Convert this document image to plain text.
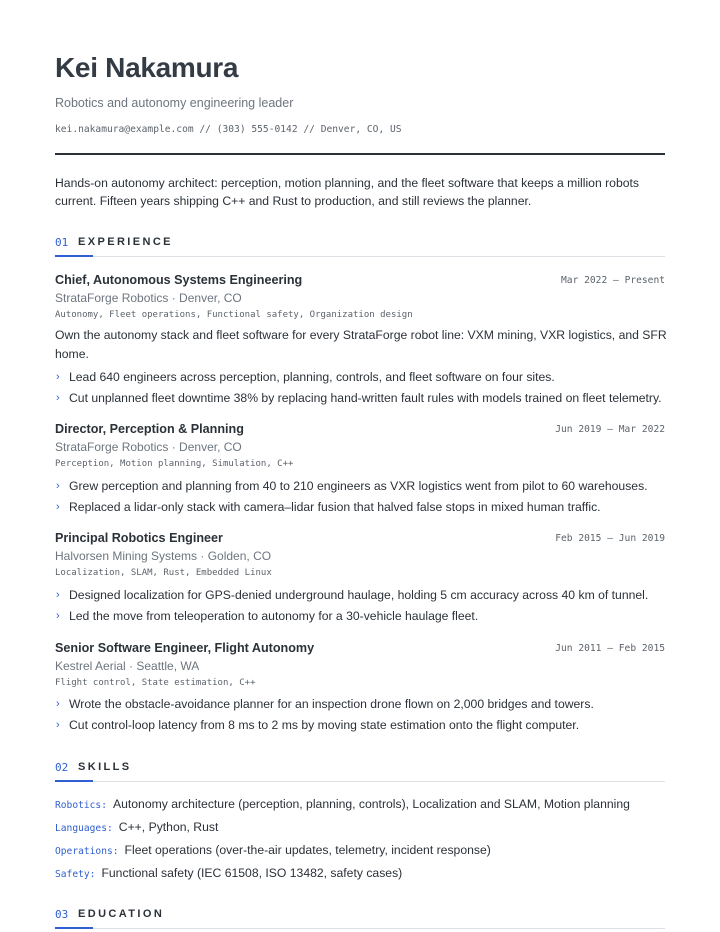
Kei Nakamura
Robotics and autonomy engineering leader
kei.nakamura@example.com // (303) 555-0142 // Denver, CO, US
Hands-on autonomy architect: perception, motion planning, and the fleet software that keeps a million robots current. Fifteen years shipping C++ and Rust to production, and still reviews the planner.
01 EXPERIENCE
Chief, Autonomous Systems Engineering	Mar 2022 — Present
StrataForge Robotics · Denver, CO
Autonomy, Fleet operations, Functional safety, Organization design
Own the autonomy stack and fleet software for every StrataForge robot line: VXM mining, VXR logistics, and SFR home.
› Lead 640 engineers across perception, planning, controls, and fleet software on four sites.
› Cut unplanned fleet downtime 38% by replacing hand-written fault rules with models trained on fleet telemetry.
Director, Perception & Planning	Jun 2019 — Mar 2022
StrataForge Robotics · Denver, CO
Perception, Motion planning, Simulation, C++
› Grew perception and planning from 40 to 210 engineers as VXR logistics went from pilot to 60 warehouses.
› Replaced a lidar-only stack with camera–lidar fusion that halved false stops in mixed human traffic.
Principal Robotics Engineer	Feb 2015 — Jun 2019
Halvorsen Mining Systems · Golden, CO
Localization, SLAM, Rust, Embedded Linux
› Designed localization for GPS-denied underground haulage, holding 5 cm accuracy across 40 km of tunnel.
› Led the move from teleoperation to autonomy for a 30-vehicle haulage fleet.
Senior Software Engineer, Flight Autonomy	Jun 2011 — Feb 2015
Kestrel Aerial · Seattle, WA
Flight control, State estimation, C++
› Wrote the obstacle-avoidance planner for an inspection drone flown on 2,000 bridges and towers.
› Cut control-loop latency from 8 ms to 2 ms by moving state estimation onto the flight computer.
02 SKILLS
Robotics: Autonomy architecture (perception, planning, controls), Localization and SLAM, Motion planning
Languages: C++, Python, Rust
Operations: Fleet operations (over-the-air updates, telemetry, incident response)
Safety: Functional safety (IEC 61508, ISO 13482, safety cases)
03 EDUCATION
